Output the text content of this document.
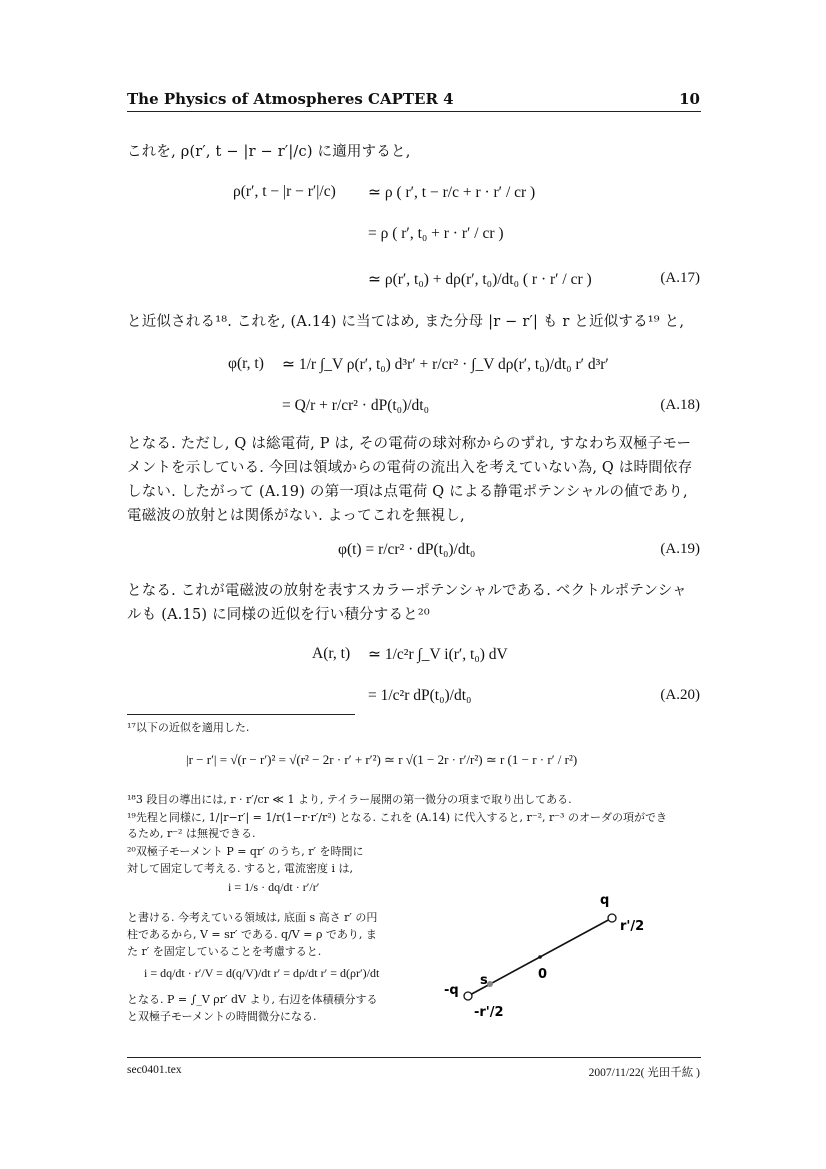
The Physics of Atmospheres CAPTER 4	10
これを, ρ(r′, t − |r − r′|/c) に適用すると,
ρ(r′, t − |r − r′|/c) ≃ ρ ( r′, t − r/c + r · r′ / cr )
= ρ ( r′, t₀ + r · r′ / cr )
≃ ρ(r′, t₀) + dρ(r′, t₀)/dt₀ ( r · r′ / cr )	(A.17)
と近似される¹⁸. これを, (A.14) に当てはめ, また分母 |r − r′| も r と近似する¹⁹ と,
φ(r, t) ≃ 1/r ∫_V ρ(r′, t₀) d³r′ + r/cr² · ∫_V dρ(r′, t₀)/dt₀ r′ d³r′
= Q/r + r/cr² · dP(t₀)/dt₀	(A.18)
となる. ただし, Q は総電荷, P は, その電荷の球対称からのずれ, すなわち双極子モーメントを示している. 今回は領域からの電荷の流出入を考えていない為, Q は時間依存しない. したがって (A.19) の第一項は点電荷 Q による静電ポテンシャルの値であり, 電磁波の放射とは関係がない. よってこれを無視し,
φ(t) = r/cr² · dP(t₀)/dt₀	(A.19)
となる. これが電磁波の放射を表すスカラーポテンシャルである. ベクトルポテンシャルも (A.15) に同様の近似を行い積分すると²⁰
A(r, t) ≃ 1/c²r ∫_V i(r′, t₀) dV
= 1/c²r dP(t₀)/dt₀	(A.20)
¹⁷以下の近似を適用した.
|r − r′| = √(r − r′)² = √(r² − 2r · r′ + r′²) ≃ r √(1 − 2r · r′/r²) ≃ r (1 − r · r′ / r²)
¹⁸3 段目の導出には, r · r′/cr ≪ 1 より, テイラー展開の第一微分の項まで取り出してある.
¹⁹先程と同様に, 1/|r−r′| = 1/r(1−r·r′/r²) となる. これを (A.14) に代入すると, r⁻², r⁻³ のオーダの項ができ
るため, r⁻² は無視できる.
²⁰双極子モーメント P = qr′ のうち, r′ を時間に
対して固定して考える. すると, 電流密度 i は,
i = 1/s · dq/dt · r′/r′
と書ける. 今考えている領域は, 底面 s 高さ r′ の円
柱であるから, V = sr′ である. q/V = ρ であり, ま
た r′ を固定していることを考慮すると.
i = dq/dt · r′/V = d(q/V)/dt r′ = dρ/dt r′ = d(ρr′)/dt
となる. P = ∫_V ρr′ dV より, 右辺を体積積分する
と双極子モーメントの時間微分になる.
q
r'/2
0
s
-q
-r'/2
sec0401.tex	2007/11/22( 光田千紘 )
